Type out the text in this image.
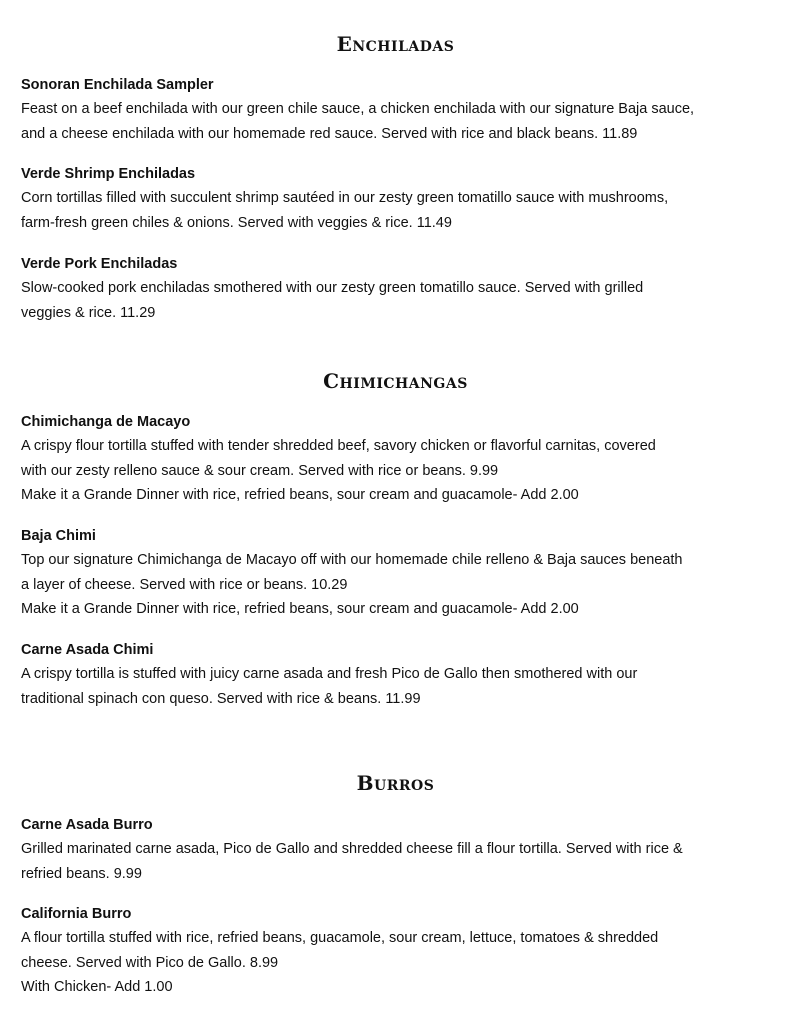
Enchiladas

Sonoran Enchilada Sampler

Feast on a beef enchilada with our green chile sauce, a chicken enchilada with our signature Baja sauce,

and a cheese enchilada with our homemade red sauce. Served with rice and black beans. 11.89

Verde Shrimp Enchiladas

Corn tortillas filled with succulent shrimp sautéed in our zesty green tomatillo sauce with mushrooms,

farm-fresh green chiles & onions. Served with veggies & rice. 11.49

Verde Pork Enchiladas

Slow-cooked pork enchiladas smothered with our zesty green tomatillo sauce. Served with grilled

veggies & rice. 11.29

Chimichangas

Chimichanga de Macayo

A crispy flour tortilla stuffed with tender shredded beef, savory chicken or flavorful carnitas, covered

with our zesty relleno sauce & sour cream. Served with rice or beans. 9.99

Make it a Grande Dinner with rice, refried beans, sour cream and guacamole- Add 2.00

Baja Chimi

Top our signature Chimichanga de Macayo off with our homemade chile relleno & Baja sauces beneath

a layer of cheese. Served with rice or beans. 10.29

Make it a Grande Dinner with rice, refried beans, sour cream and guacamole- Add 2.00

Carne Asada Chimi

A crispy tortilla is stuffed with juicy carne asada and fresh Pico de Gallo then smothered with our

traditional spinach con queso. Served with rice & beans. 11.99

Burros

Carne Asada Burro

Grilled marinated carne asada, Pico de Gallo and shredded cheese fill a flour tortilla. Served with rice &

refried beans. 9.99

California Burro

A flour tortilla stuffed with rice, refried beans, guacamole, sour cream, lettuce, tomatoes & shredded

cheese. Served with Pico de Gallo. 8.99

With Chicken- Add 1.00
